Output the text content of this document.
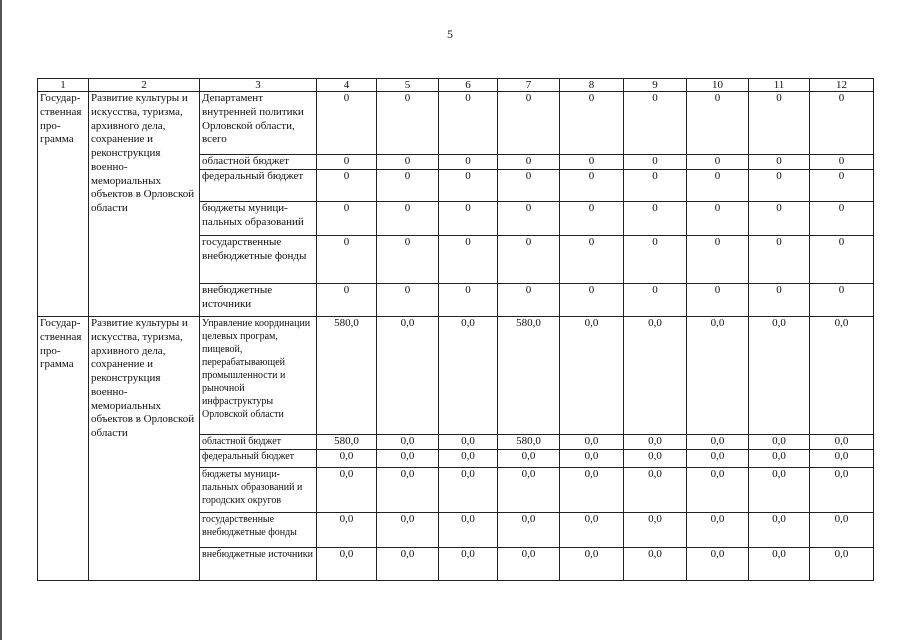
5
1	2	3	4	5	6	7	8	9	10	11	12
Государ-ственная про-грамма	Развитие культуры и искусства, туризма, архивного дела, сохранение и реконструкция военно-мемориальных объектов в Орловской области	Департамент внутренней политики Орловской области, всего	0	0	0	0	0	0	0	0	0
		областной бюджет	0	0	0	0	0	0	0	0	0
		федеральный бюджет	0	0	0	0	0	0	0	0	0
		бюджеты муници-пальных образований	0	0	0	0	0	0	0	0	0
		государственные внебюджетные фонды	0	0	0	0	0	0	0	0	0
		внебюджетные источники	0	0	0	0	0	0	0	0	0
Государ-ственная про-грамма	Развитие культуры и искусства, туризма, архивного дела, сохранение и реконструкция военно-мемориальных объектов в Орловской области	Управление координации целевых програм, пищевой, перерабатывающей промышленности и рыночной инфраструктуры Орловской области	580,0	0,0	0,0	580,0	0,0	0,0	0,0	0,0	0,0
		областной бюджет	580,0	0,0	0,0	580,0	0,0	0,0	0,0	0,0	0,0
		федеральный бюджет	0,0	0,0	0,0	0,0	0,0	0,0	0,0	0,0	0,0
		бюджеты муници-пальных образований и городских округов	0,0	0,0	0,0	0,0	0,0	0,0	0,0	0,0	0,0
		государственные внебюджетные фонды	0,0	0,0	0,0	0,0	0,0	0,0	0,0	0,0	0,0
		внебюджетные источники	0,0	0,0	0,0	0,0	0,0	0,0	0,0	0,0	0,0
